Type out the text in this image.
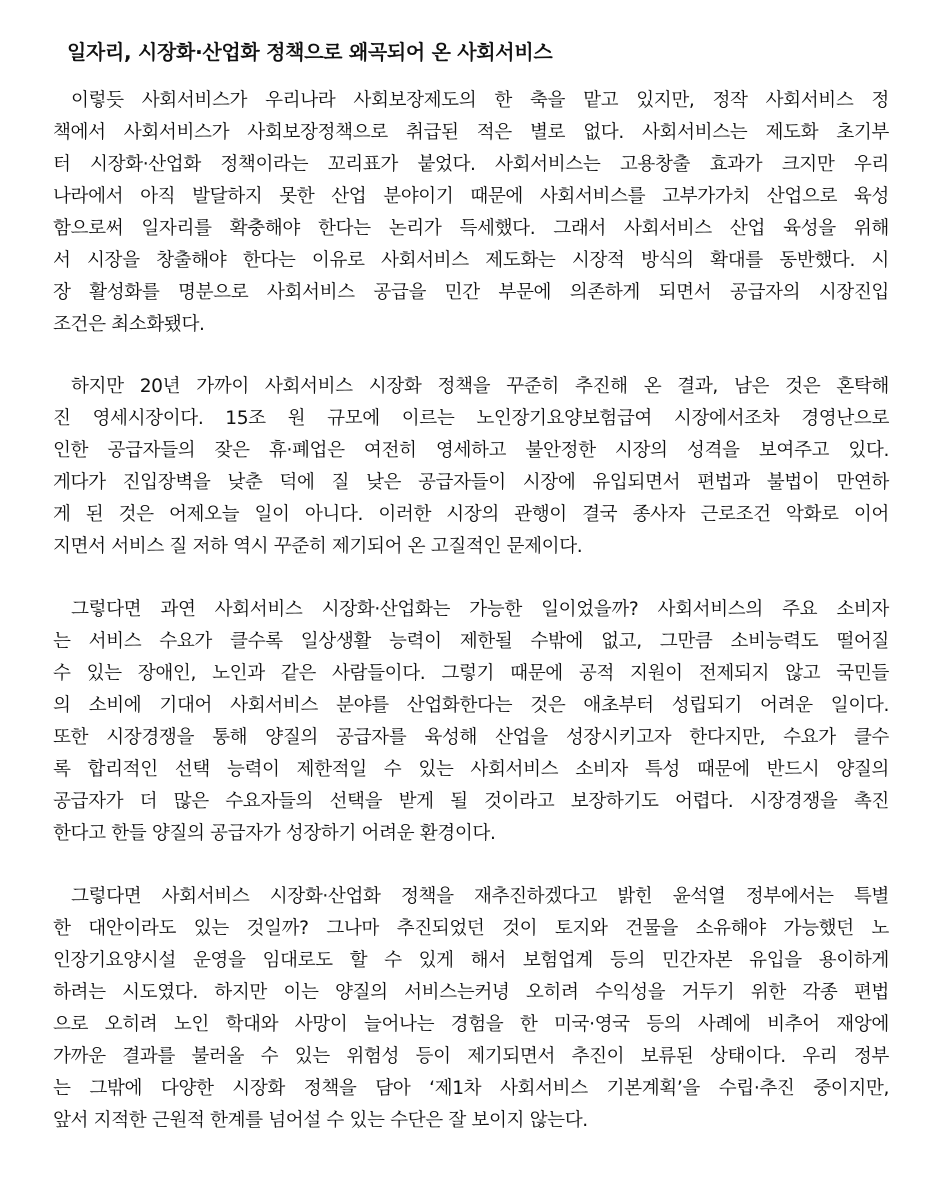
일자리, 시장화·산업화 정책으로 왜곡되어 온 사회서비스
이렇듯 사회서비스가 우리나라 사회보장제도의 한 축을 맡고 있지만, 정작 사회서비스 정
책에서 사회서비스가 사회보장정책으로 취급된 적은 별로 없다. 사회서비스는 제도화 초기부
터 시장화·산업화 정책이라는 꼬리표가 붙었다. 사회서비스는 고용창출 효과가 크지만 우리
나라에서 아직 발달하지 못한 산업 분야이기 때문에 사회서비스를 고부가가치 산업으로 육성
함으로써 일자리를 확충해야 한다는 논리가 득세했다. 그래서 사회서비스 산업 육성을 위해
서 시장을 창출해야 한다는 이유로 사회서비스 제도화는 시장적 방식의 확대를 동반했다. 시
장 활성화를 명분으로 사회서비스 공급을 민간 부문에 의존하게 되면서 공급자의 시장진입
조건은 최소화됐다.
하지만 20년 가까이 사회서비스 시장화 정책을 꾸준히 추진해 온 결과, 남은 것은 혼탁해
진 영세시장이다. 15조 원 규모에 이르는 노인장기요양보험급여 시장에서조차 경영난으로
인한 공급자들의 잦은 휴·폐업은 여전히 영세하고 불안정한 시장의 성격을 보여주고 있다.
게다가 진입장벽을 낮춘 덕에 질 낮은 공급자들이 시장에 유입되면서 편법과 불법이 만연하
게 된 것은 어제오늘 일이 아니다. 이러한 시장의 관행이 결국 종사자 근로조건 악화로 이어
지면서 서비스 질 저하 역시 꾸준히 제기되어 온 고질적인 문제이다.
그렇다면 과연 사회서비스 시장화·산업화는 가능한 일이었을까? 사회서비스의 주요 소비자
는 서비스 수요가 클수록 일상생활 능력이 제한될 수밖에 없고, 그만큼 소비능력도 떨어질
수 있는 장애인, 노인과 같은 사람들이다. 그렇기 때문에 공적 지원이 전제되지 않고 국민들
의 소비에 기대어 사회서비스 분야를 산업화한다는 것은 애초부터 성립되기 어려운 일이다.
또한 시장경쟁을 통해 양질의 공급자를 육성해 산업을 성장시키고자 한다지만, 수요가 클수
록 합리적인 선택 능력이 제한적일 수 있는 사회서비스 소비자 특성 때문에 반드시 양질의
공급자가 더 많은 수요자들의 선택을 받게 될 것이라고 보장하기도 어렵다. 시장경쟁을 촉진
한다고 한들 양질의 공급자가 성장하기 어려운 환경이다.
그렇다면 사회서비스 시장화·산업화 정책을 재추진하겠다고 밝힌 윤석열 정부에서는 특별
한 대안이라도 있는 것일까? 그나마 추진되었던 것이 토지와 건물을 소유해야 가능했던 노
인장기요양시설 운영을 임대로도 할 수 있게 해서 보험업계 등의 민간자본 유입을 용이하게
하려는 시도였다. 하지만 이는 양질의 서비스는커녕 오히려 수익성을 거두기 위한 각종 편법
으로 오히려 노인 학대와 사망이 늘어나는 경험을 한 미국·영국 등의 사례에 비추어 재앙에
가까운 결과를 불러올 수 있는 위험성 등이 제기되면서 추진이 보류된 상태이다. 우리 정부
는 그밖에 다양한 시장화 정책을 담아 ‘제1차 사회서비스 기본계획’을 수립·추진 중이지만,
앞서 지적한 근원적 한계를 넘어설 수 있는 수단은 잘 보이지 않는다.
